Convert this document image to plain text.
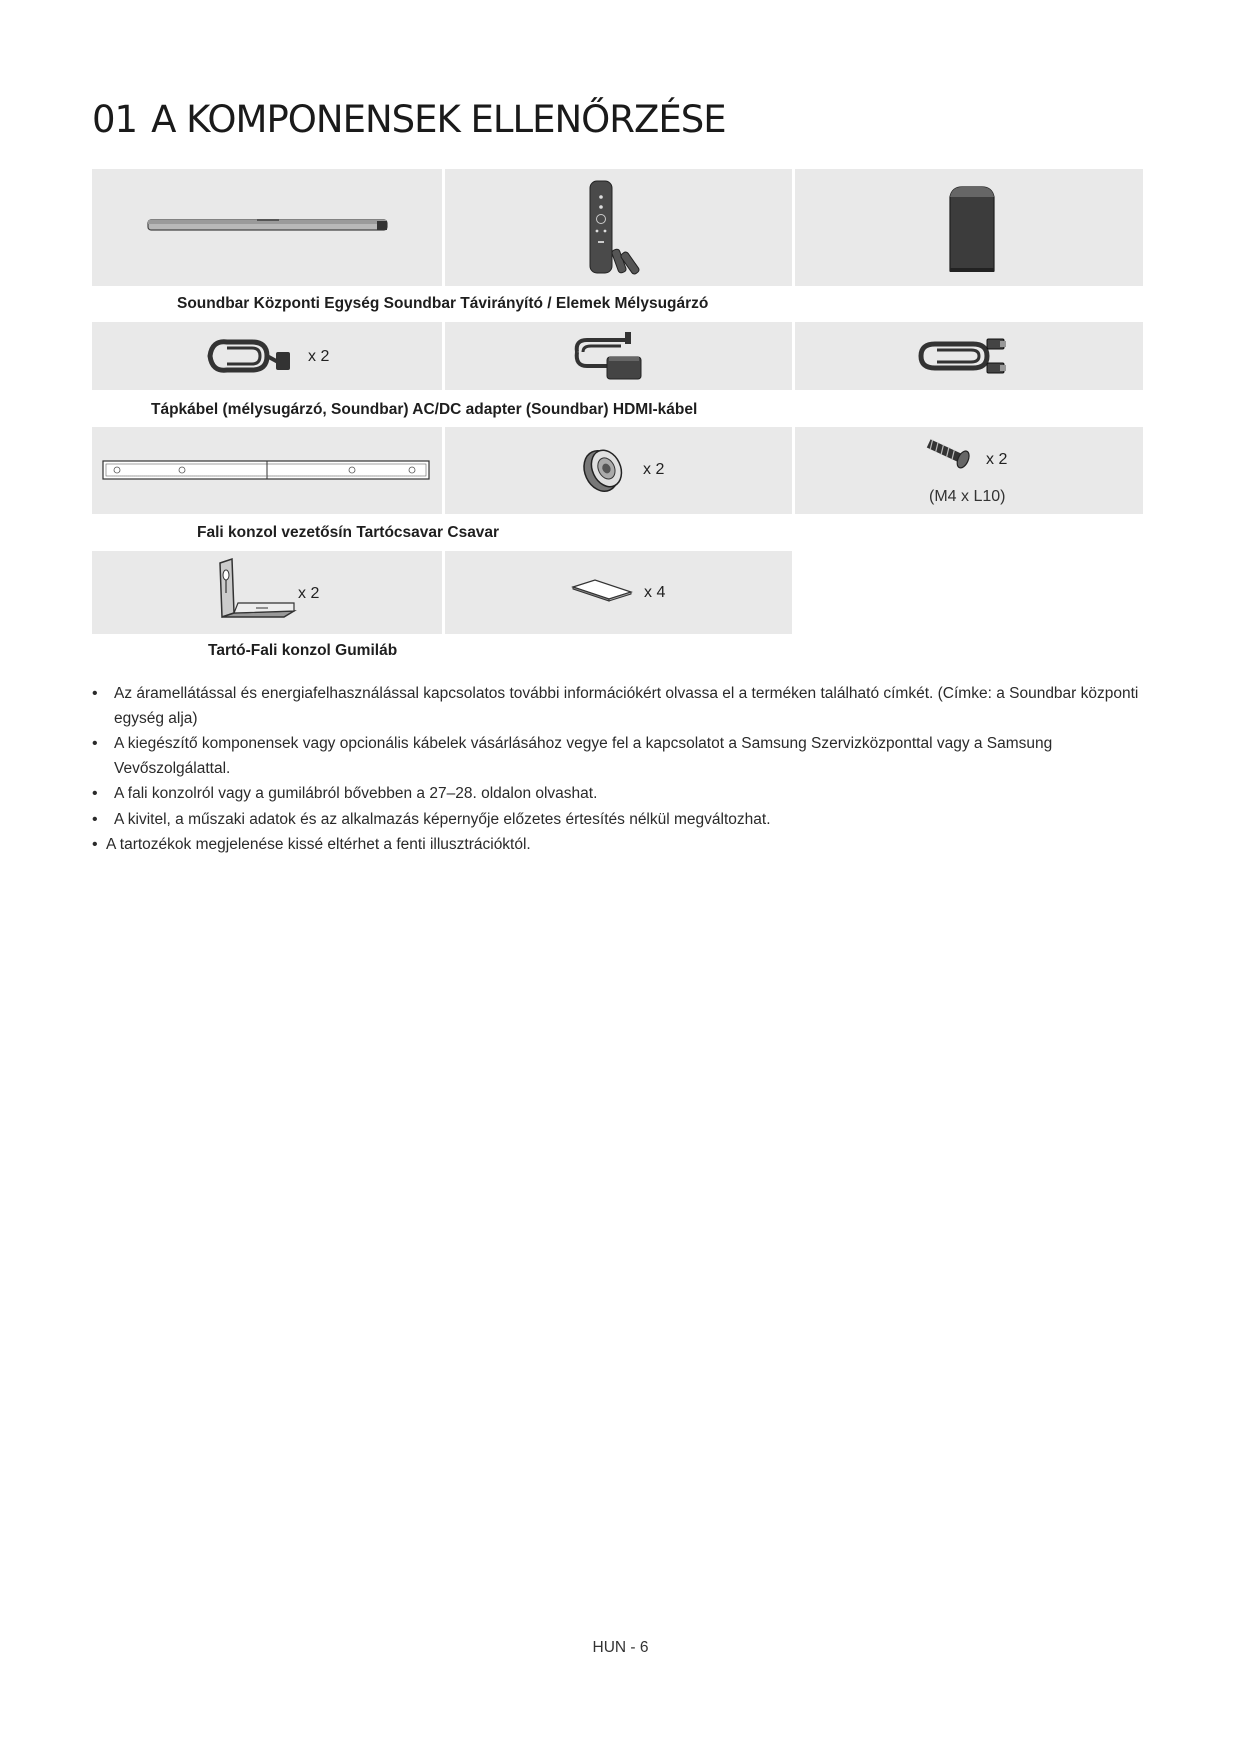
01 A KOMPONENSEK ELLENŐRZÉSE
Soundbar Központi Egység Soundbar Távirányító / Elemek Mélysugárzó
x 2
Tápkábel (mélysugárzó, Soundbar) AC/DC adapter (Soundbar) HDMI-kábel
x 2
x 2
(M4 x L10)
Fali konzol vezetősín Tartócsavar Csavar
x 2	x 4
Tartó-Fali konzol Gumiláb
• Az áramellátással és energiafelhasználással kapcsolatos további információkért olvassa el a terméken található címkét. (Címke: a Soundbar központi egység alja)
• A kiegészítő komponensek vagy opcionális kábelek vásárlásához vegye fel a kapcsolatot a Samsung Szervizközponttal vagy a Samsung Vevőszolgálattal.
• A fali konzolról vagy a gumilábról bővebben a 27–28. oldalon olvashat.
• A kivitel, a műszaki adatok és az alkalmazás képernyője előzetes értesítés nélkül megváltozhat.
• A tartozékok megjelenése kissé eltérhet a fenti illusztrációktól.
HUN - 6
